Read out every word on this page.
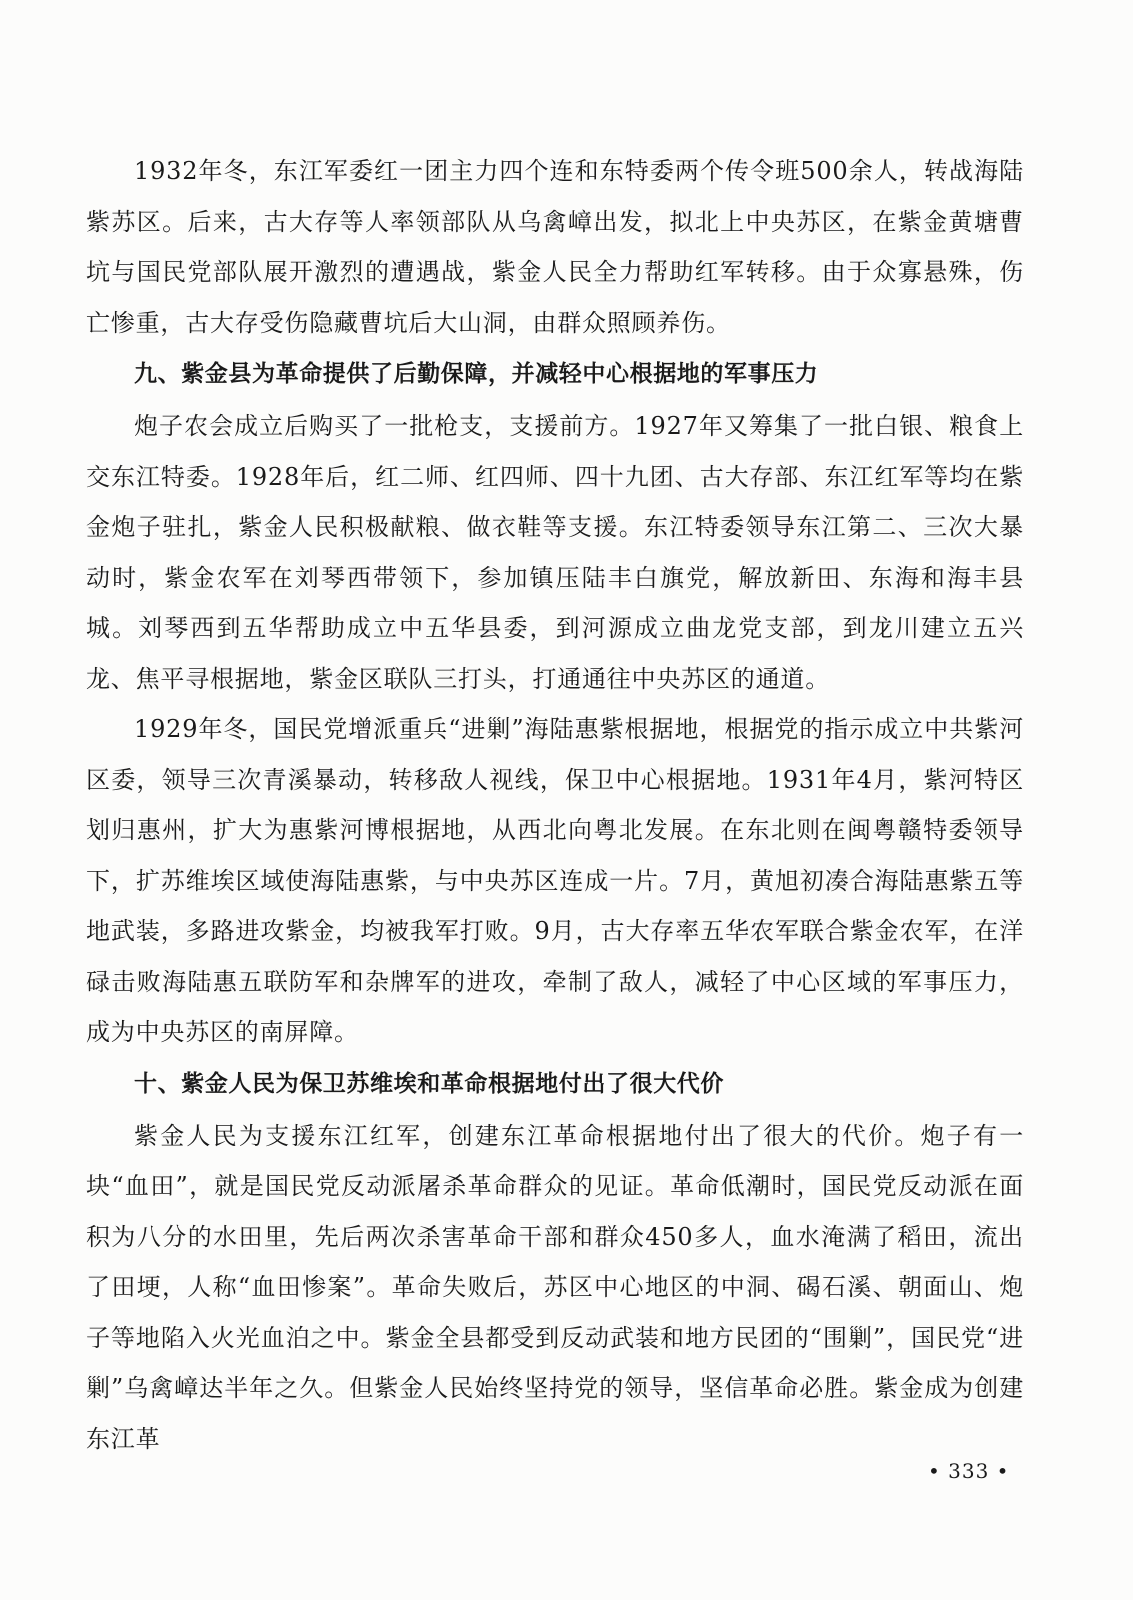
1932年冬，东江军委红一团主力四个连和东特委两个传令班500余人，转战海陆紫苏区。后来，古大存等人率领部队从乌禽嶂出发，拟北上中央苏区，在紫金黄塘曹坑与国民党部队展开激烈的遭遇战，紫金人民全力帮助红军转移。由于众寡悬殊，伤亡惨重，古大存受伤隐藏曹坑后大山洞，由群众照顾养伤。

九、紫金县为革命提供了后勤保障，并减轻中心根据地的军事压力

炮子农会成立后购买了一批枪支，支援前方。1927年又筹集了一批白银、粮食上交东江特委。1928年后，红二师、红四师、四十九团、古大存部、东江红军等均在紫金炮子驻扎，紫金人民积极献粮、做衣鞋等支援。东江特委领导东江第二、三次大暴动时，紫金农军在刘琴西带领下，参加镇压陆丰白旗党，解放新田、东海和海丰县城。刘琴西到五华帮助成立中五华县委，到河源成立曲龙党支部，到龙川建立五兴龙、焦平寻根据地，紫金区联队三打头，打通通往中央苏区的通道。

1929年冬，国民党增派重兵“进剿”海陆惠紫根据地，根据党的指示成立中共紫河区委，领导三次青溪暴动，转移敌人视线，保卫中心根据地。1931年4月，紫河特区划归惠州，扩大为惠紫河博根据地，从西北向粤北发展。在东北则在闽粤赣特委领导下，扩苏维埃区域使海陆惠紫，与中央苏区连成一片。7月，黄旭初凑合海陆惠紫五等地武装，多路进攻紫金，均被我军打败。9月，古大存率五华农军联合紫金农军，在洋碌击败海陆惠五联防军和杂牌军的进攻，牵制了敌人，减轻了中心区域的军事压力，成为中央苏区的南屏障。

十、紫金人民为保卫苏维埃和革命根据地付出了很大代价

紫金人民为支援东江红军，创建东江革命根据地付出了很大的代价。炮子有一块“血田”，就是国民党反动派屠杀革命群众的见证。革命低潮时，国民党反动派在面积为八分的水田里，先后两次杀害革命干部和群众450多人，血水淹满了稻田，流出了田埂，人称“血田惨案”。革命失败后，苏区中心地区的中洞、碣石溪、朝面山、炮子等地陷入火光血泊之中。紫金全县都受到反动武装和地方民团的“围剿”，国民党“进剿”乌禽嶂达半年之久。但紫金人民始终坚持党的领导，坚信革命必胜。紫金成为创建东江革

• 333 •
